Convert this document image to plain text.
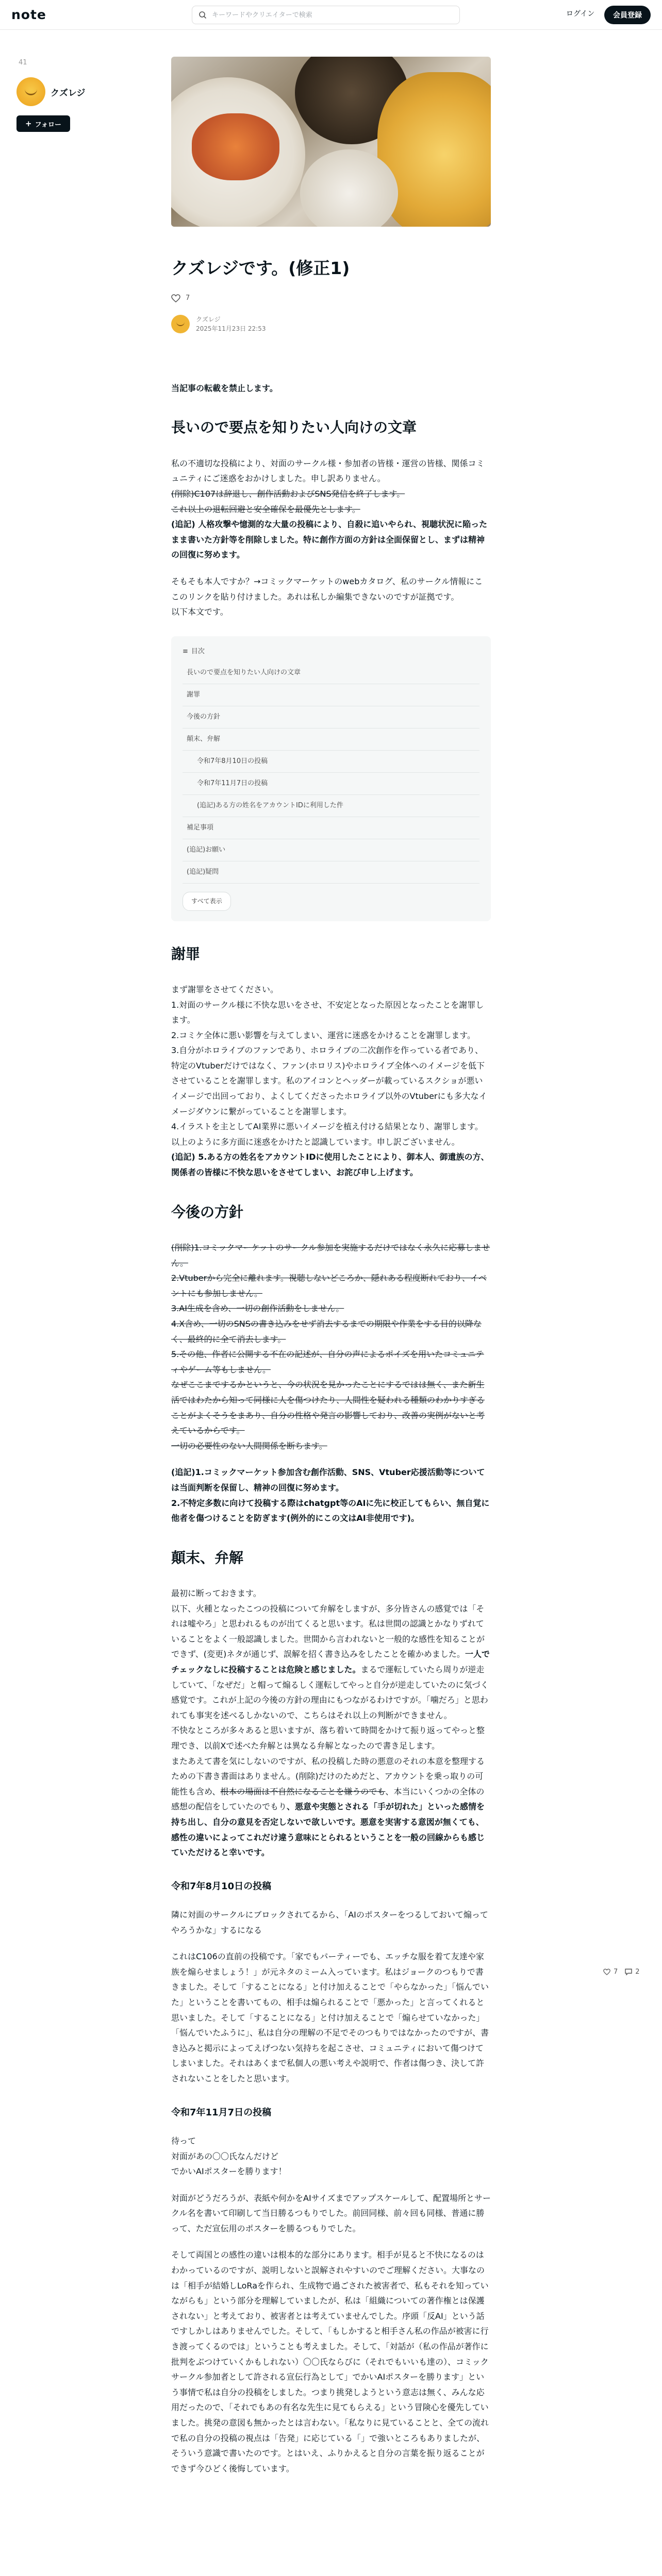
note
キーワードやクリエイターで検索	ログイン	会員登録
41
クズレジ
+ フォロー
クズレジです。(修正1)
7
クズレジ
2025年11月23日 22:53

当記事の転載を禁止します。

長いので要点を知りたい人向けの文章

私の不適切な投稿により、対面のサークル様・参加者の皆様・運営の皆様、関係コミュニティにご迷惑をおかけしました。申し訳ありません。
(削除)C107は辞退し、創作活動およびSNS発信を終了します。
これ以上の退転回避と安全確保を最優先とします。
(追記) 人格攻撃や憶測的な大量の投稿により、自殺に追いやられ、視聴状況に陥ったまま書いた方針等を削除しました。特に創作方面の方針は全面保留とし、まずは精神の回復に努めます。

そもそも本人ですか？→コミックマーケットのwebカタログ、私のサークル情報にここのリンクを貼り付けました。あれは私しか編集できないのですが証拠です。
以下本文です。

≡ 目次
長いので要点を知りたい人向けの文章
謝罪
今後の方針
顛末、弁解
令和7年8月10日の投稿
令和7年11月7日の投稿
(追記)ある方の姓名をアカウントIDに利用した件
補足事項
(追記)お願い
(追記)疑問
すべて表示
謝罪

まず謝罪をさせてください。
1.対面のサークル様に不快な思いをさせ、不安定となった原因となったことを謝罪します。
2.コミケ全体に悪い影響を与えてしまい、運営に迷惑をかけることを謝罪します。
3.自分がホロライブのファンであり、ホロライブの二次創作を作っている者であり、特定のVtuberだけではなく、ファン(ホロリス)やホロライブ全体へのイメージを低下させていることを謝罪します。私のアイコンとヘッダーが載っているスクショが悪いイメージで出回っており、よくしてくださったホロライブ以外のVtuberにも多大なイメージダウンに繋がっていることを謝罪します。
4.イラストを主としてAI業界に悪いイメージを植え付ける結果となり、謝罪します。
以上のように多方面に迷惑をかけたと認識しています。申し訳ございません。
(追記) 5.ある方の姓名をアカウントIDに使用したことにより、御本人、御遺族の方、関係者の皆様に不快な思いをさせてしまい、お詫び申し上げます。

今後の方針

(削除)1.コミックマーケットのサークル参加を実施するだけではなく永久に応募しません。
2.Vtuberから完全に離れます。視聴しないどころか、隠れある程度断れており、イベントにも参加しません。
3.AI生成を含め、一切の創作活動をしません。
4.X含め、一切のSNSの書き込みをせず消去するまでの期限や作業をする目的以降なく、最終的に全て消去します。
5.その他、作者に公開する不在の記述が、自分の声によるポイズを用いたコミュニティやゲーム等もしません。
なぜここまでするかというと、今の状況を見かったことにするではは無く、また新生活ではわたから知って同様に人を傷つけたり、人間性を疑われる種類のわかりすぎることがよくそうをまあり、自分の性格や発言の影響しており、改善の実例がないと考えているからです。
一切の必要性のない人間関係を断ちます。

(追記)1.コミックマーケット参加含む創作活動、SNS、Vtuber応援活動等については当面判断を保留し、精神の回復に努めます。
2.不特定多数に向けて投稿する際はchatgpt等のAIに先に校正してもらい、無自覚に他者を傷つけることを防ぎます(例外的にこの文はAI非使用です)。

顛末、弁解

最初に断っておきます。
以下、火種となったこつの投稿について弁解をしますが、多分皆さんの感覚では「それは嘘やろ」と思われるものが出てくると思います。私は世間の認識とかなりずれていることをよく一般認識しました。世間から言われないと一般的な感性を知ることができず、(変更)ネタが通じず、誤解を招く書き込みをしたことを確かめました。一人でチェックなしに投稿することは危険と感じました。まるで運転していたら周りが逆走していて、「なぜだ」と帽って煽るしく運転してやっと自分が逆走していたのに気づく感覚です。これが上記の今後の方針の理由にもつながるわけですが。「噛だろ」と思われても事実を述べるしかないので、こちらはそれ以上の判断ができません。
不快なところが多々あると思いますが、落ち着いて時間をかけて振り返ってやっと整理でき、以前Xで述べた弁解とは異なる弁解となったので書き足します。
またあえて書を気にしないのですが、私の投稿した時の悪意のそれの本意を整理するための下書き書面はありません。(削除)だけのためだと、アカウントを乗っ取りの可能性も含め、根本の場面は不自然になることを嫌うのでも、本当にいくつかの全体の感想の配信をしていたのでもり、悪意や実態とされる「手が切れた」といった感情を持ち出し、自分の意見を否定しないで欲しいです。悪意を実害する意図が無くても、感性の違いによってこれだけ違う意味にとられるということを一般の回線からも感じていただけると幸いです。

令和7年8月10日の投稿

隣に対面のサークルにブロックされてるから、「AIのポスターをつるしておいて煽ってやろうかな」するになる

これはC106の直前の投稿です。「家でもパーティーでも、エッチな服を着て友達や家族を煽らせましょう！」が元ネタのミーム入っています。私はジョークのつもりで書きました。そして「することになる」と付け加えることで「やらなかった」「悩んでいた」ということを書いてもの、相手は煽られることで「悪かった」と言ってくれると思いました。そして「することになる」と付け加えることで「煽らせていなかった」「悩んでいたふうに」、私は自分の理解の不足でそのつもりではなかったのですが、書き込みと掲示によってえげつない気持ちを起こさせ、コミュニティにおいて傷つけてしまいました。それはあくまで私個人の悪い考えや説明で、作者は傷つき、決して許されないことをしたと思います。

令和7年11月7日の投稿

待って
対面があの〇〇氏なんだけど
でかいAIポスターを勝ります！

対面がどうだろうが、表紙や何かをAIサイズまでアップスケールして、配置場所とサークル名を書いて印刷して当日勝るつもりでした。前回同様、前々回も同様、普通に勝って、ただ宣伝用のポスターを勝るつもりでした。

そして両国との感性の違いは根本的な部分にあります。相手が見ると不快になるのはわかっているのですが、説明しないと誤解されやすいのでご理解ください。大事なのは「相手が結婚しLoRaを作られ、生成物で過ごされた被害者で、私もそれを知っていながらも」という部分を理解していましたが、私は「組織についての著作権とは保護されない」と考えており、被害者とは考えていませんでした。序頭「反AI」という話ですしかしはありませんでした。そして、「もしかすると相手さん私の作品が被害に行き渡ってくるのでは」ということも考えました。そして、「対話が（私の作品が著作に批判をぶつけていくかもしれない）〇〇氏ならびに（それでもいいも達の）、コミックサークル参加者として許される宣伝行為として」でかいAIポスターを勝ります」という事情で私は自分の投稿をしました。つまり挑発しようという意志は無く、みんな応用だったので、「それでもあの有名な先生に見てもらえる」という冒険心を優先していました。挑発の意図も無かったとは言わない。「私なりに見ていることと、全ての流れで私の自分の投稿の視点は「告発」に応じている「」で強いところもありましたが、そういう意識で書いたのです。とはいえ、ふりかえると自分の言葉を振り返ることができず今ひどく後悔しています。

7	2
